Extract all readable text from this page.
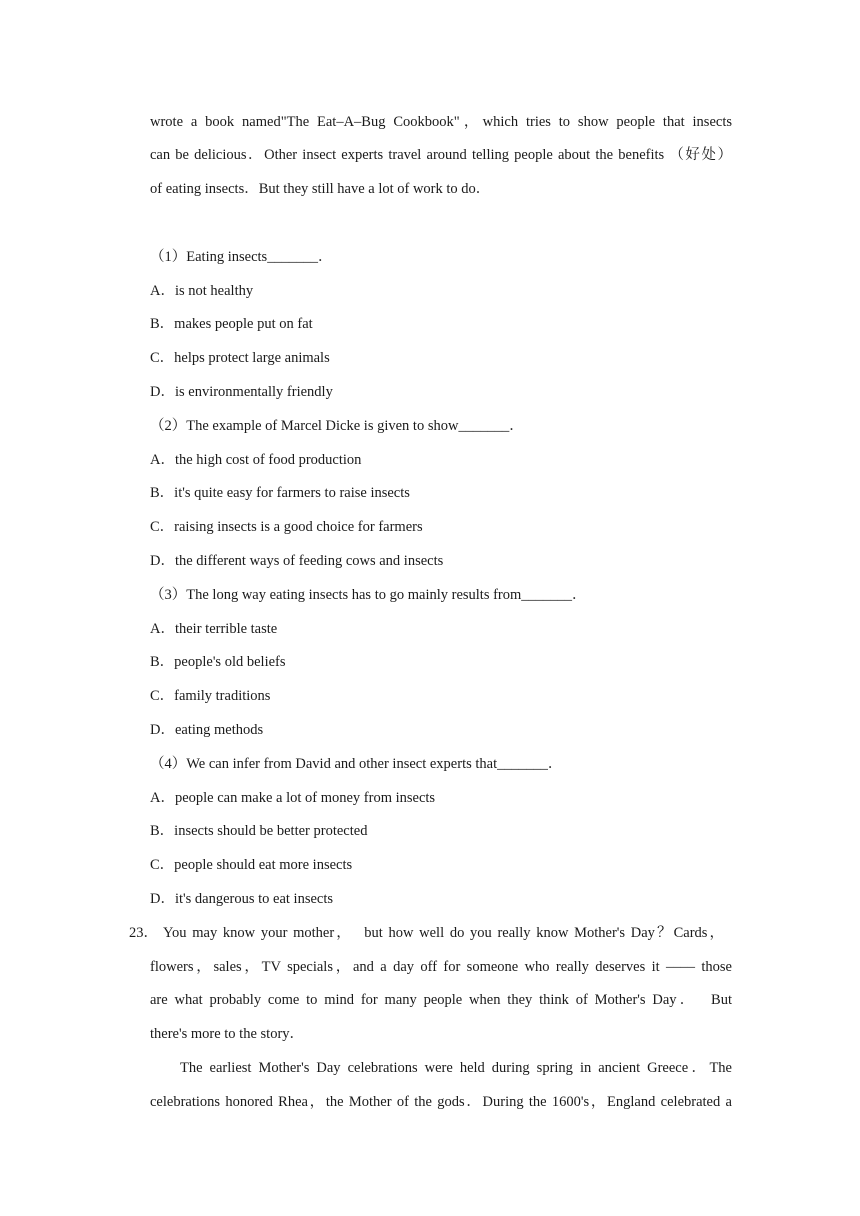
wrote a book named"The Eat–A–Bug Cookbook"，which tries to show people that insects
can be delicious．Other insect experts travel around telling people about the benefits （好处）
of eating insects．But they still have a lot of work to do．
（1）Eating insects_______．
A．is not healthy
B．makes people put on fat
C．helps protect large animals
D．is environmentally friendly
（2）The example of Marcel Dicke is given to show_______．
A．the high cost of food production
B．it's quite easy for farmers to raise insects
C．raising insects is a good choice for farmers
D．the different ways of feeding cows and insects
（3）The long way eating insects has to go mainly results from_______．
A．their terrible taste
B．people's old beliefs
C．family traditions
D．eating methods
（4）We can infer from David and other insect experts that_______．
A．people can make a lot of money from insects
B．insects should be better protected
C．people should eat more insects
D．it's dangerous to eat insects
23． You may know your mother，  but how well do you really know Mother's Day？Cards，
flowers，sales，TV specials，and a day off for someone who really deserves it –––– those
are what probably come to mind for many people when they think of Mother's Day．  But
there's more to the story．
The earliest Mother's Day celebrations were held during spring in ancient Greece．The
celebrations honored Rhea，the Mother of the gods．During the 1600's，England celebrated a
